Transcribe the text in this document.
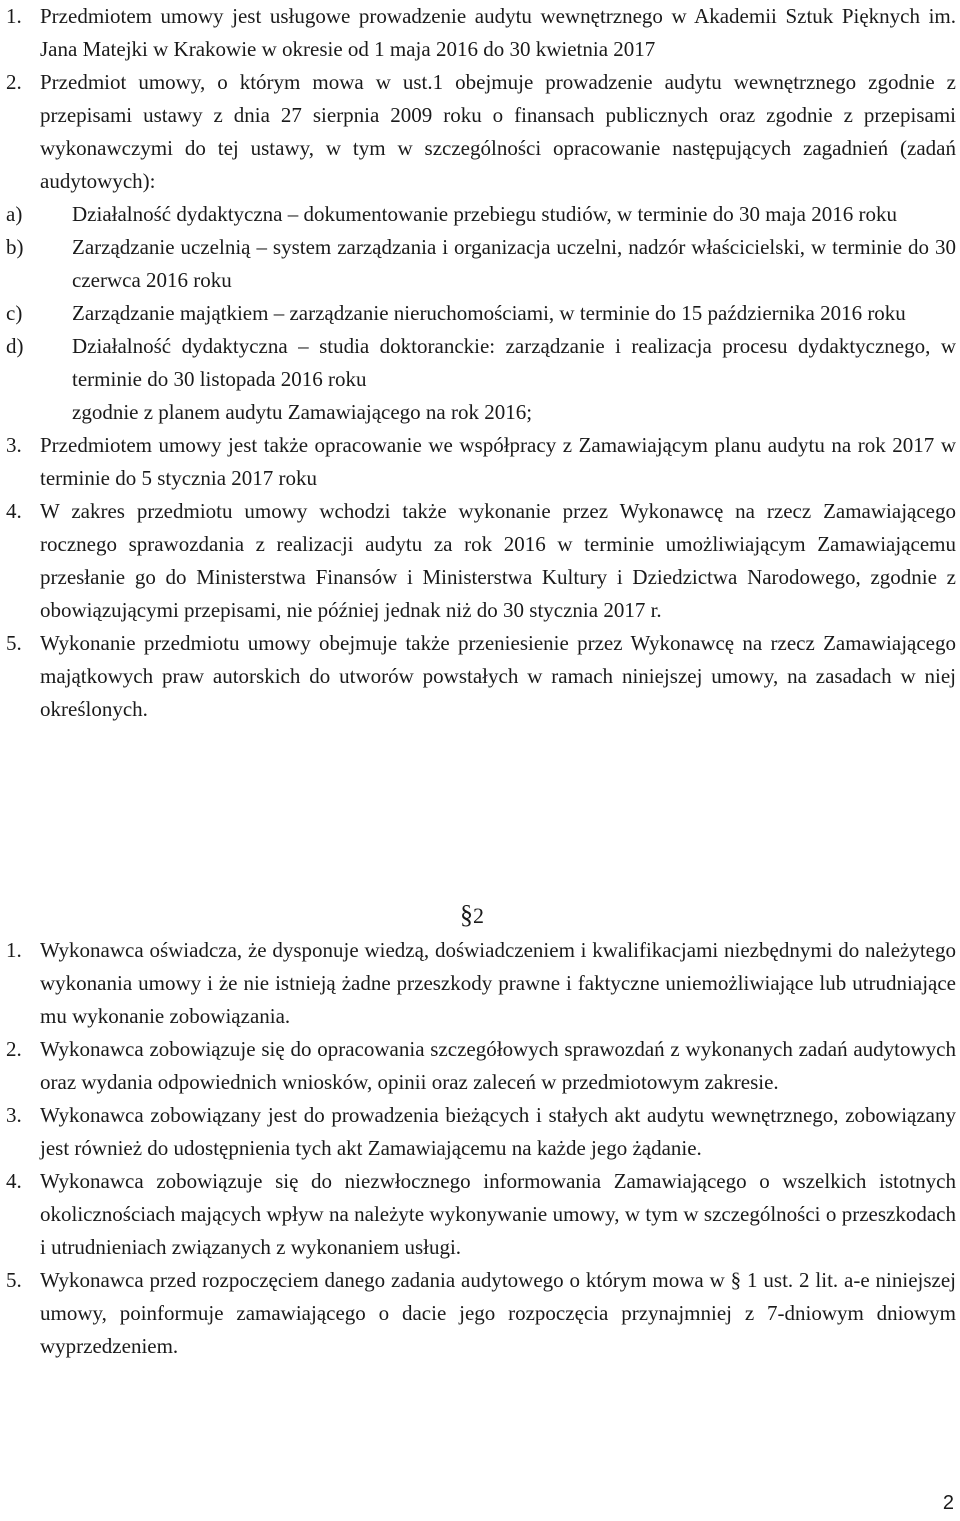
1. Przedmiotem umowy jest usługowe prowadzenie audytu wewnętrznego w Akademii Sztuk Pięknych im. Jana Matejki w Krakowie w okresie od 1 maja 2016 do 30 kwietnia 2017
2. Przedmiot umowy, o którym mowa w ust.1 obejmuje prowadzenie audytu wewnętrznego zgodnie z przepisami ustawy z dnia 27 sierpnia 2009 roku o finansach publicznych oraz zgodnie z przepisami wykonawczymi do tej ustawy, w tym w szczególności opracowanie następujących zagadnień (zadań audytowych):
a) Działalność dydaktyczna – dokumentowanie przebiegu studiów, w terminie do 30 maja 2016 roku
b) Zarządzanie uczelnią – system zarządzania i organizacja uczelni, nadzór właścicielski, w terminie do 30 czerwca 2016 roku
c) Zarządzanie majątkiem – zarządzanie nieruchomościami, w terminie do 15 października 2016 roku
d) Działalność dydaktyczna – studia doktoranckie: zarządzanie i realizacja procesu dydaktycznego, w terminie do 30 listopada 2016 roku
zgodnie z planem audytu Zamawiającego na rok 2016;
3. Przedmiotem umowy jest także opracowanie we współpracy z Zamawiającym planu audytu na rok 2017 w terminie do 5 stycznia 2017 roku
4. W zakres przedmiotu umowy wchodzi także wykonanie przez Wykonawcę na rzecz Zamawiającego rocznego sprawozdania z realizacji audytu za rok 2016 w terminie umożliwiającym Zamawiającemu przesłanie go do Ministerstwa Finansów i Ministerstwa Kultury i Dziedzictwa Narodowego, zgodnie z obowiązującymi przepisami, nie później jednak niż do 30 stycznia 2017 r.
5. Wykonanie przedmiotu umowy obejmuje także przeniesienie przez Wykonawcę na rzecz Zamawiającego majątkowych praw autorskich do utworów powstałych w ramach niniejszej umowy, na zasadach w niej określonych.
§2
1. Wykonawca oświadcza, że dysponuje wiedzą, doświadczeniem i kwalifikacjami niezbędnymi do należytego wykonania umowy i że nie istnieją żadne przeszkody prawne i faktyczne uniemożliwiające lub utrudniające mu wykonanie zobowiązania.
2. Wykonawca zobowiązuje się do opracowania szczegółowych sprawozdań z wykonanych zadań audytowych oraz wydania odpowiednich wniosków, opinii oraz zaleceń w przedmiotowym zakresie.
3. Wykonawca zobowiązany jest do prowadzenia bieżących i stałych akt audytu wewnętrznego, zobowiązany jest również do udostępnienia tych akt Zamawiającemu na każde jego żądanie.
4. Wykonawca zobowiązuje się do niezwłocznego informowania Zamawiającego o wszelkich istotnych okolicznościach mających wpływ na należyte wykonywanie umowy, w tym w szczególności o przeszkodach i utrudnieniach związanych z wykonaniem usługi.
5. Wykonawca przed rozpoczęciem danego zadania audytowego o którym mowa w § 1 ust. 2 lit. a-e niniejszej umowy, poinformuje zamawiającego o dacie jego rozpoczęcia przynajmniej z 7-dniowym dniowym wyprzedzeniem.
2
